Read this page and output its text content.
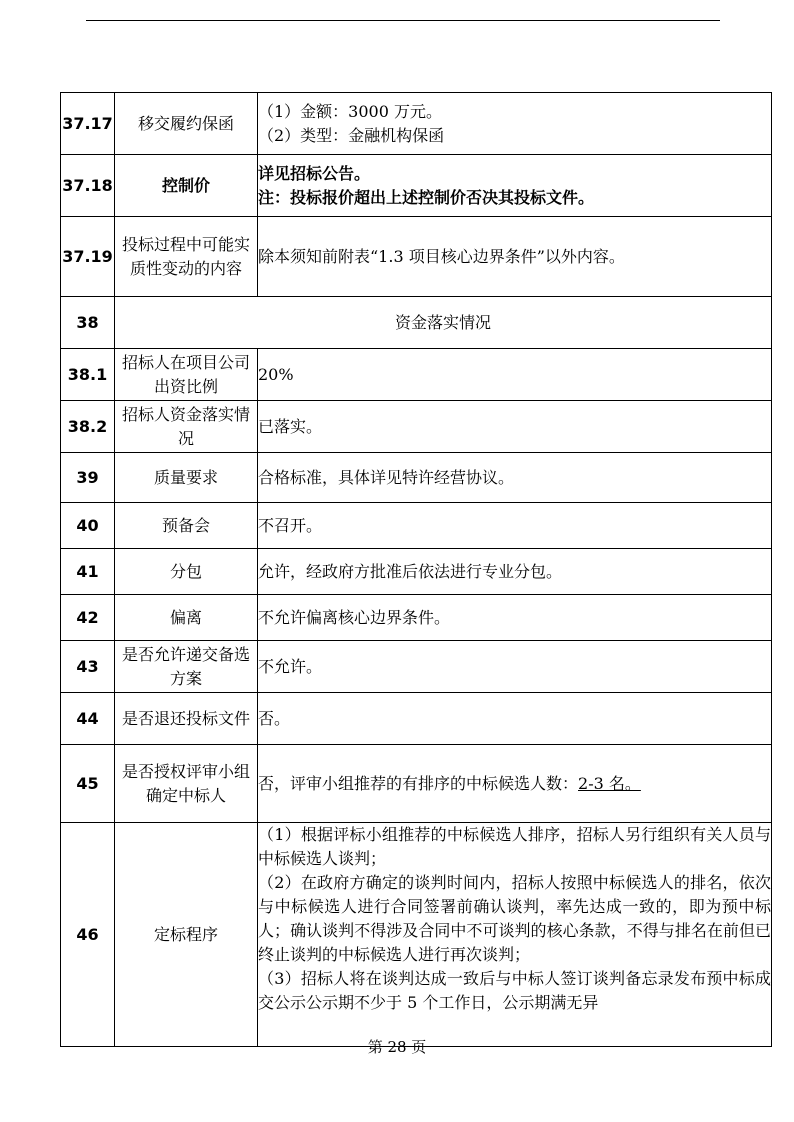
37.17	移交履约保函	（1）金额：3000 万元。
（2）类型：金融机构保函

37.18	控制价	详见招标公告。
注：投标报价超出上述控制价否决其投标文件。

37.19	投标过程中可能实质性变动的内容	除本须知前附表“1.3 项目核心边界条件”以外内容。

38	资金落实情况	
38.1	招标人在项目公司出资比例	20%

38.2	招标人资金落实情况	已落实。

39	质量要求	合格标准，具体详见特许经营协议。

40	预备会	不召开。

41	分包	允许，经政府方批准后依法进行专业分包。

42	偏离	不允许偏离核心边界条件。

43	是否允许递交备选方案	不允许。

44	是否退还投标文件	否。

45	是否授权评审小组确定中标人	否，评审小组推荐的有排序的中标候选人数：2-3 名。
46	定标程序	（1）根据评标小组推荐的中标候选人排序，招标人另行组织有关人员与中标候选人谈判；
（2）在政府方确定的谈判时间内，招标人按照中标候选人的排名，依次与中标候选人进行合同签署前确认谈判，率先达成一致的，即为预中标人；确认谈判不得涉及合同中不可谈判的核心条款，不得与排名在前但已终止谈判的中标候选人进行再次谈判；
（3）招标人将在谈判达成一致后与中标人签订谈判备忘录发布预中标成交公示公示期不少于 5 个工作日，公示期满无异
第 28 页
